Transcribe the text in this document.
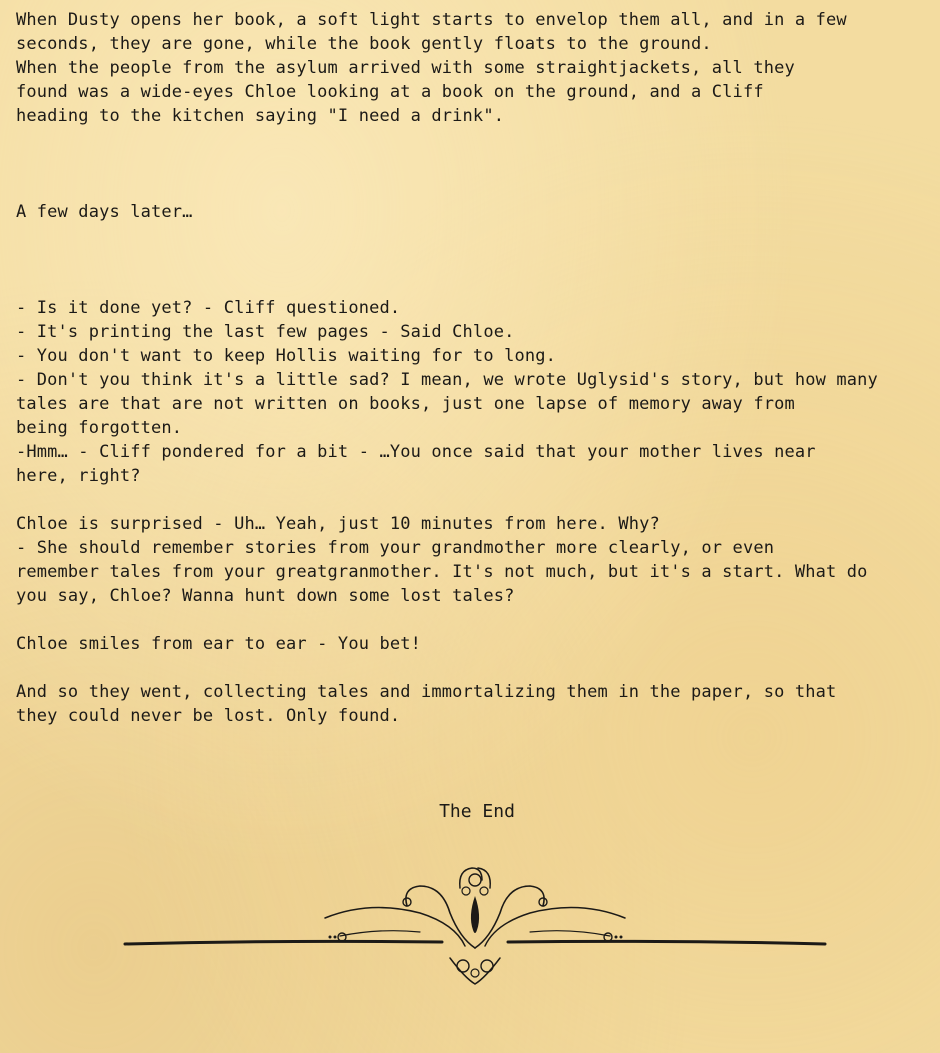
When Dusty opens her book, a soft light starts to envelop them all, and in a few

seconds, they are gone, while the book gently floats to the ground.

When the people from the asylum arrived with some straightjackets, all they

found was a wide-eyes Chloe looking at a book on the ground, and a Cliff

heading to the kitchen saying "I need a drink".

A few days later…

- Is it done yet? - Cliff questioned.

- It's printing the last few pages - Said Chloe.

- You don't want to keep Hollis waiting for to long.

- Don't you think it's a little sad? I mean, we wrote Uglysid's story, but how many

tales are that are not written on books, just one lapse of memory away from

being forgotten.

-Hmm… - Cliff pondered for a bit - …You once said that your mother lives near

here, right?

Chloe is surprised - Uh… Yeah, just 10 minutes from here. Why?

- She should remember stories from your grandmother more clearly, or even

remember tales from your greatgranmother. It's not much, but it's a start. What do

you say, Chloe? Wanna hunt down some lost tales?

Chloe smiles from ear to ear - You bet!

And so they went, collecting tales and immortalizing them in the paper, so that

they could never be lost. Only found.

The End
